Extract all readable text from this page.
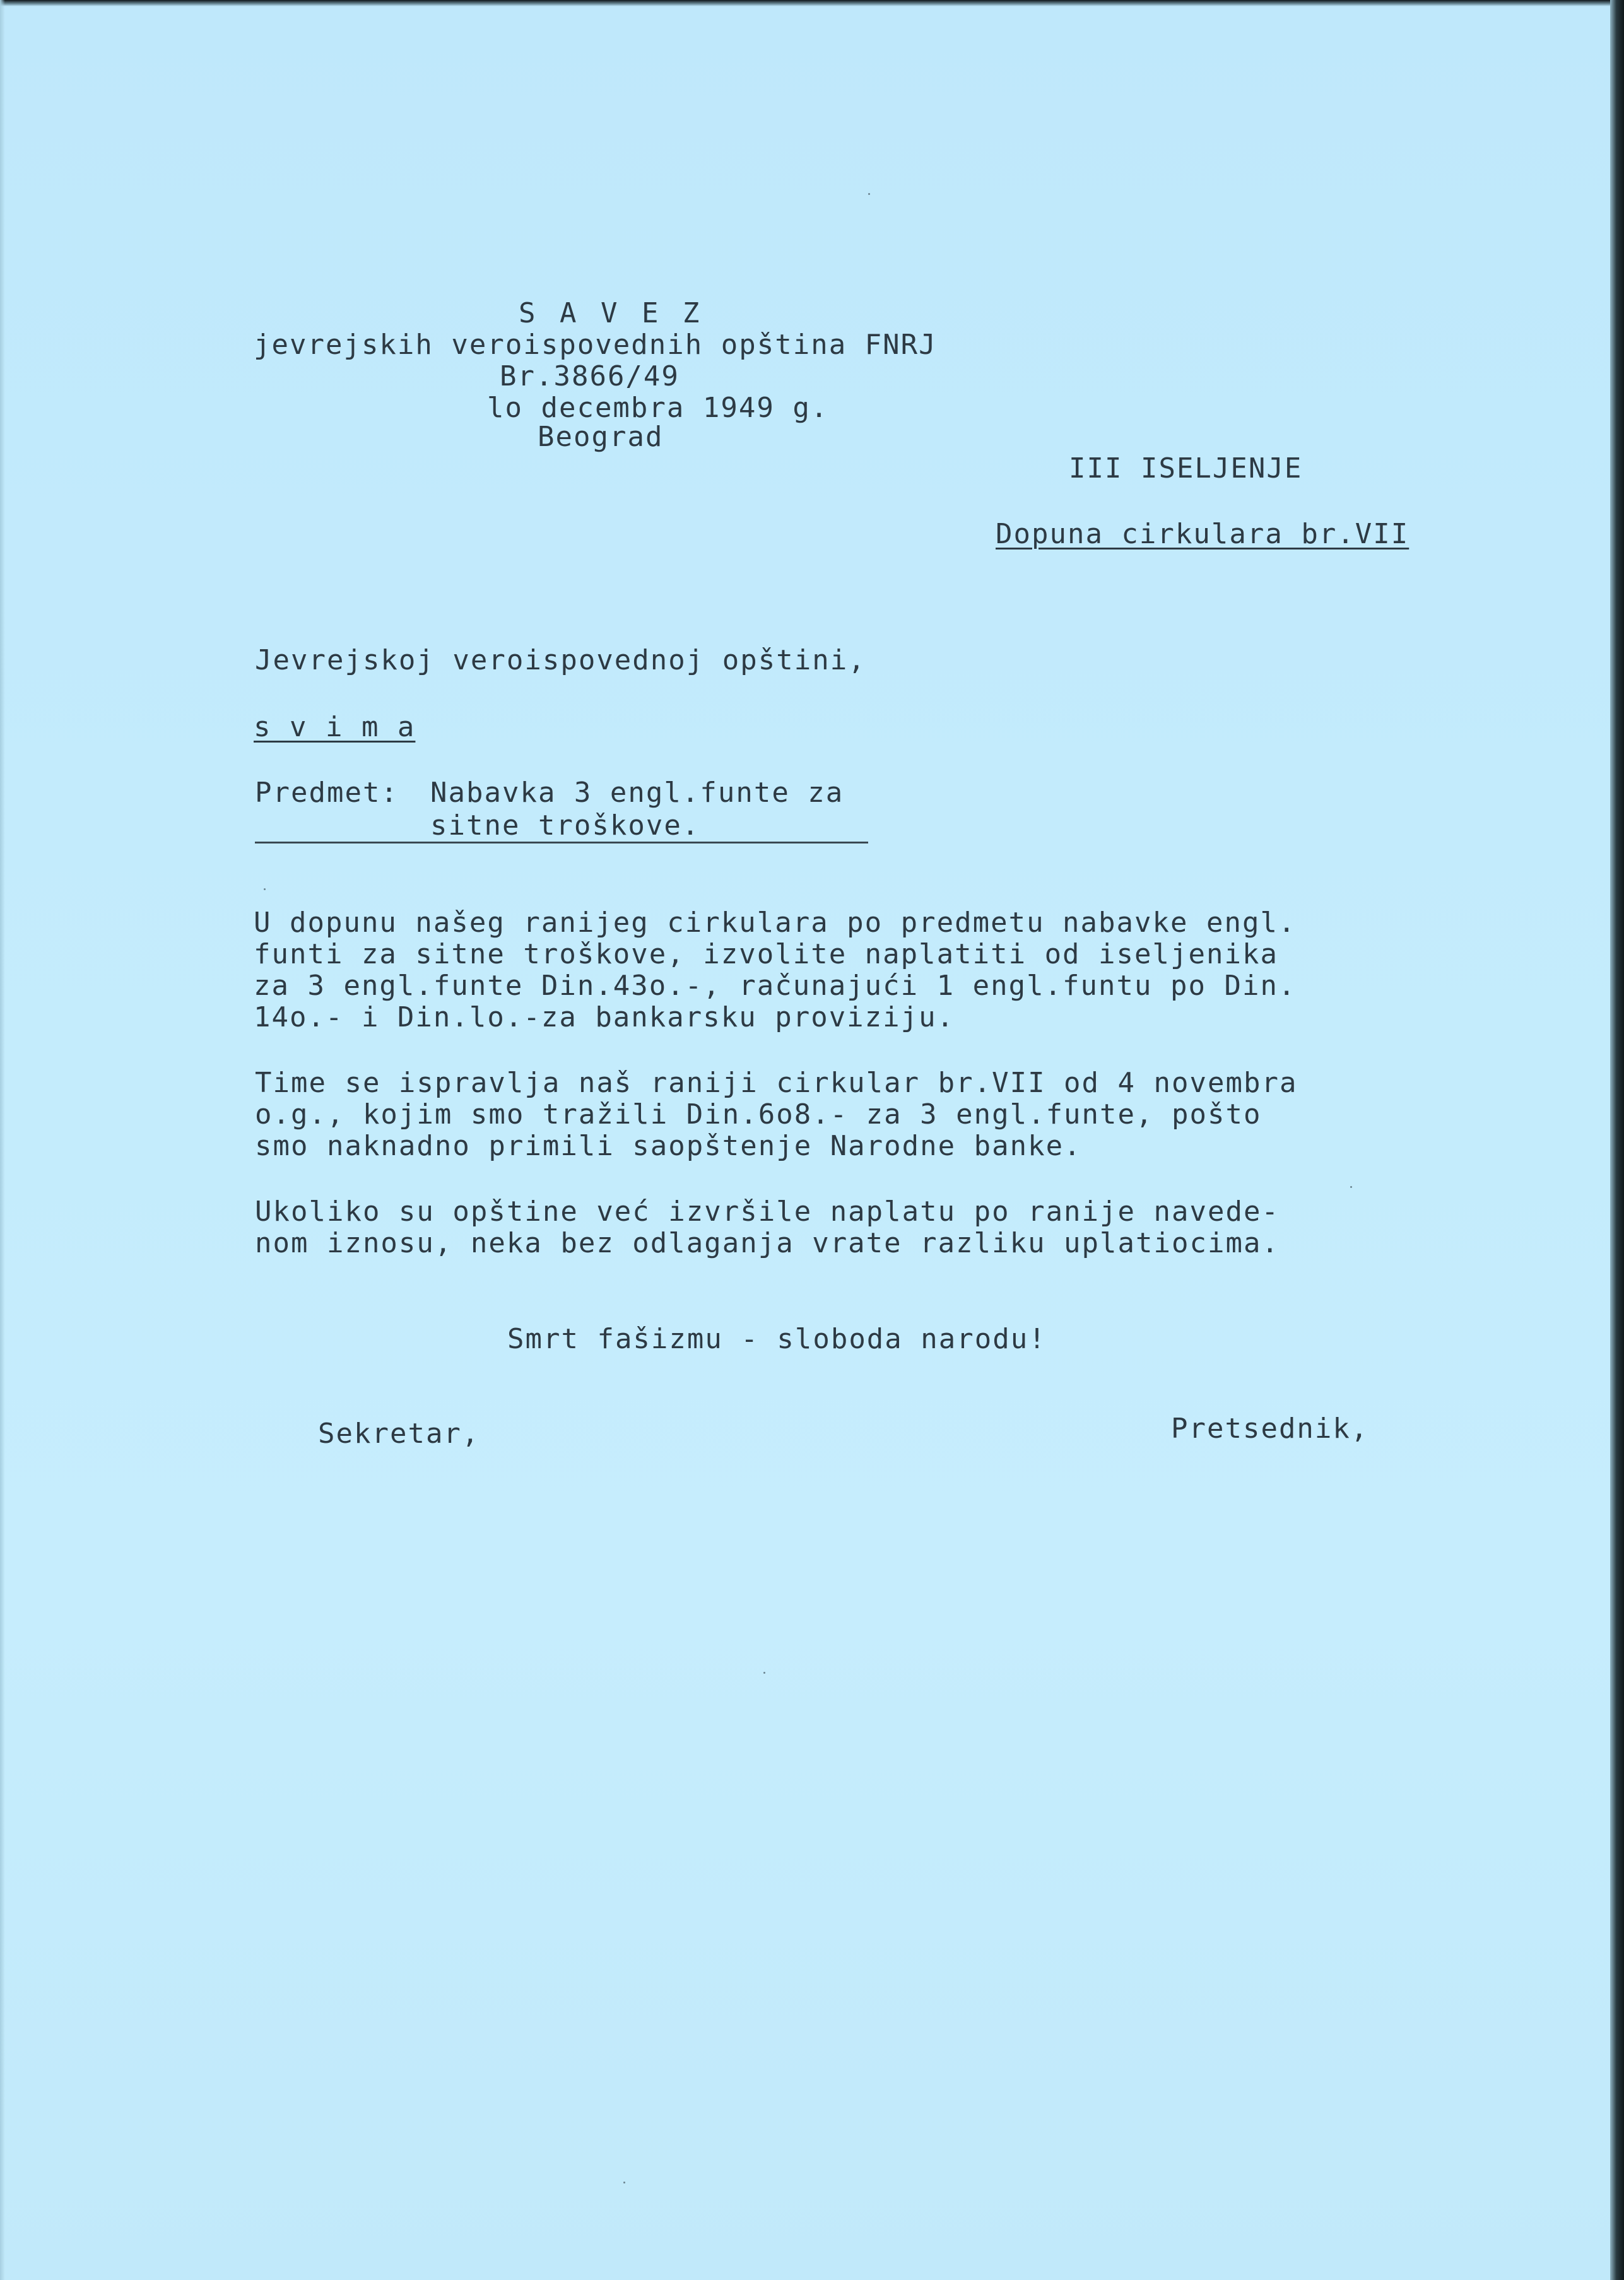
S A V E Z
jevrejskih veroispovednih opština FNRJ
Br.3866/49
lo decembra 1949 g.
Beograd
III ISELJENJE
Dopuna cirkulara br.VII
Jevrejskoj veroispovednoj opštini,
s v i m a
Predmet: Nabavka 3 engl.funte za
sitne troškove.

U dopunu našeg ranijeg cirkulara po predmetu nabavke engl.

funti za sitne troškove, izvolite naplatiti od iseljenika

za 3 engl.funte Din.43o.-, računajući 1 engl.funtu po Din.

14o.- i Din.lo.-za bankarsku proviziju.

Time se ispravlja naš raniji cirkular br.VII od 4 novembra

o.g., kojim smo tražili Din.6o8.- za 3 engl.funte, pošto

smo naknadno primili saopštenje Narodne banke.

Ukoliko su opštine već izvršile naplatu po ranije navede-

nom iznosu, neka bez odlaganja vrate razliku uplatiocima.

Smrt fašizmu - sloboda narodu!
Sekretar,	Pretsednik,
